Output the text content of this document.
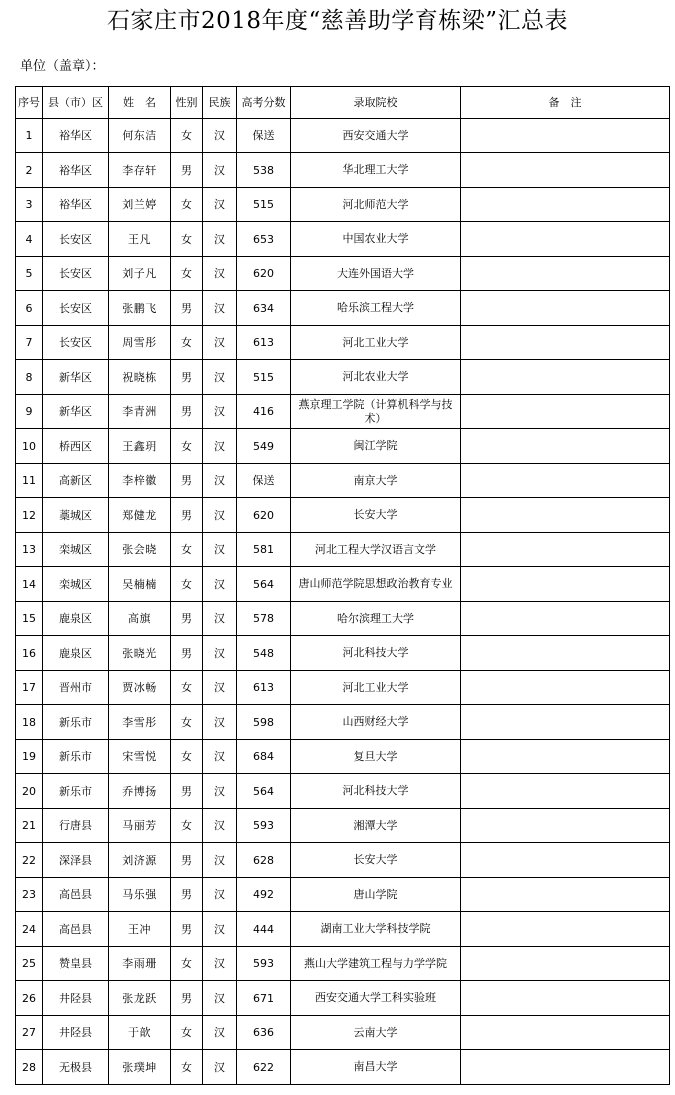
石家庄市2018年度“慈善助学育栋梁”汇总表
单位（盖章）：
序号	县（市）区	姓　名	性别	民族	高考分数	录取院校	备　注
1	裕华区	何东洁	女	汉	保送	西安交通大学	
2	裕华区	李存轩	男	汉	538	华北理工大学	
3	裕华区	刘兰婷	女	汉	515	河北师范大学	
4	长安区	王凡	女	汉	653	中国农业大学	
5	长安区	刘子凡	女	汉	620	大连外国语大学	
6	长安区	张鹏飞	男	汉	634	哈乐滨工程大学	
7	长安区	周雪彤	女	汉	613	河北工业大学	
8	新华区	祝晓栋	男	汉	515	河北农业大学	
9	新华区	李青洲	男	汉	416	燕京理工学院（计算机科学与技术）	
10	桥西区	王鑫玥	女	汉	549	闽江学院	
11	高新区	李梓徽	男	汉	保送	南京大学	
12	藁城区	郑健龙	男	汉	620	长安大学	
13	栾城区	张会晓	女	汉	581	河北工程大学汉语言文学	
14	栾城区	吴楠楠	女	汉	564	唐山师范学院思想政治教育专业	
15	鹿泉区	高旗	男	汉	578	哈尔滨理工大学	
16	鹿泉区	张晓光	男	汉	548	河北科技大学	
17	晋州市	贾冰畅	女	汉	613	河北工业大学	
18	新乐市	李雪彤	女	汉	598	山西财经大学	
19	新乐市	宋雪悦	女	汉	684	复旦大学	
20	新乐市	乔博扬	男	汉	564	河北科技大学	
21	行唐县	马丽芳	女	汉	593	湘潭大学	
22	深泽县	刘济源	男	汉	628	长安大学	
23	高邑县	马乐强	男	汉	492	唐山学院	
24	高邑县	王冲	男	汉	444	湖南工业大学科技学院	
25	赞皇县	李雨珊	女	汉	593	燕山大学建筑工程与力学学院	
26	井陉县	张龙跃	男	汉	671	西安交通大学工科实验班	
27	井陉县	于歆	女	汉	636	云南大学	
28	无极县	张璞坤	女	汉	622	南昌大学	
